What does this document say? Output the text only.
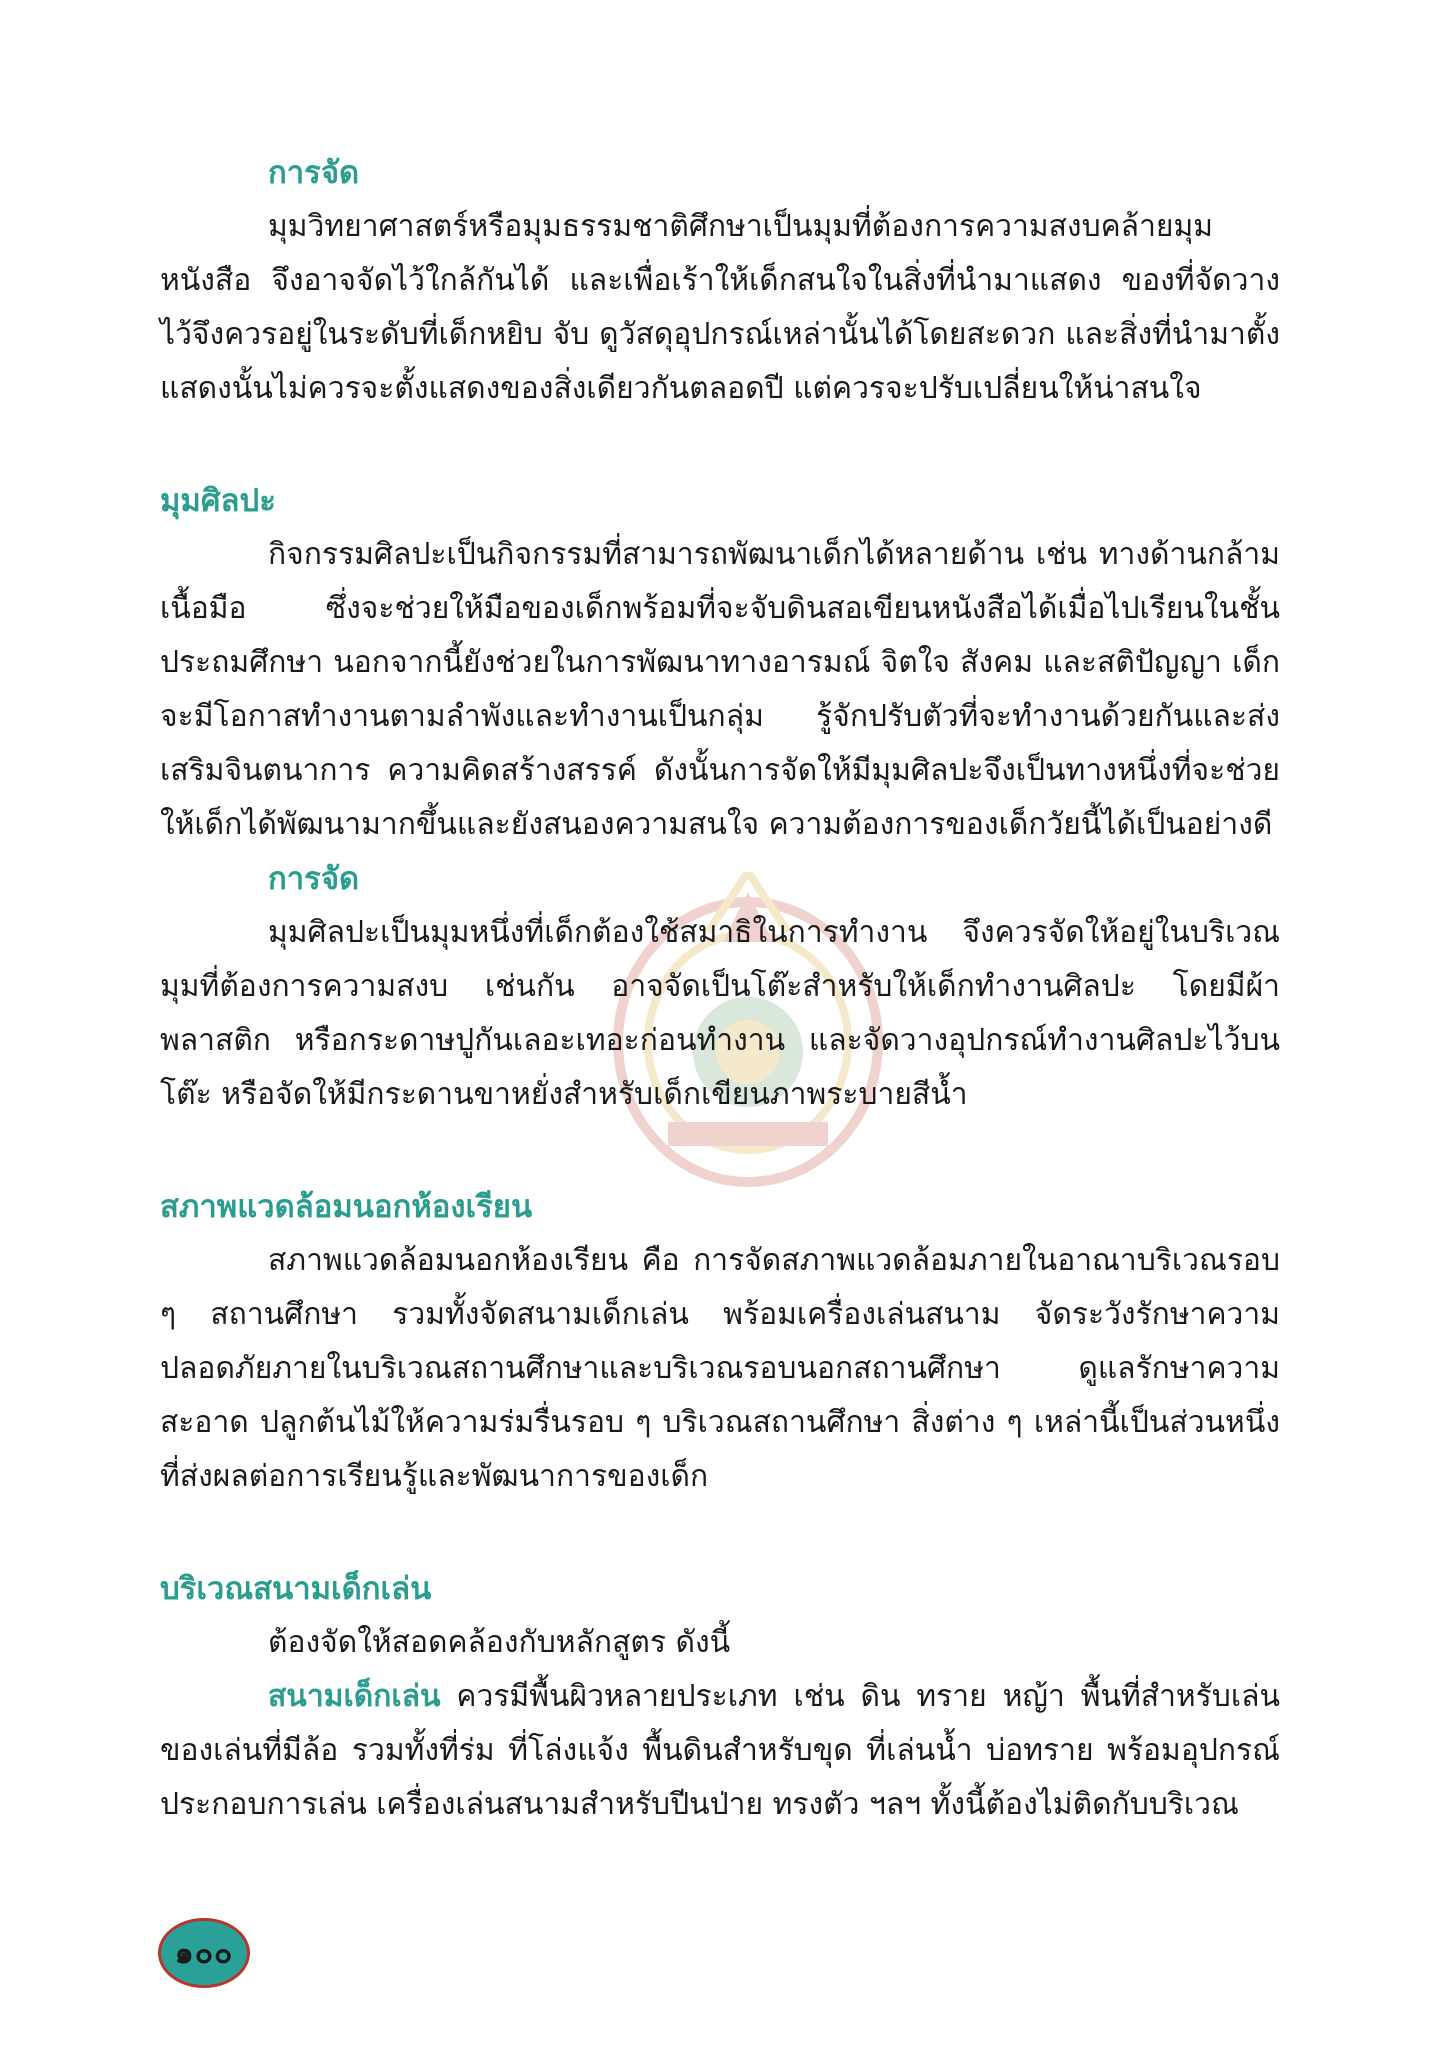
การจัด

มุมวิทยาศาสตร์หรือมุมธรรมชาติศึกษาเป็นมุมที่ต้องการความสงบคล้ายมุมหนังสือ จึงอาจจัดไว้ใกล้กันได้ และเพื่อเร้าให้เด็กสนใจในสิ่งที่นำมาแสดง ของที่จัดวางไว้จึงควรอยู่ในระดับที่เด็กหยิบ จับ ดูวัสดุอุปกรณ์เหล่านั้นได้โดยสะดวก และสิ่งที่นำมาตั้งแสดงนั้นไม่ควรจะตั้งแสดงของสิ่งเดียวกันตลอดปี แต่ควรจะปรับเปลี่ยนให้น่าสนใจ

มุมศิลปะ

กิจกรรมศิลปะเป็นกิจกรรมที่สามารถพัฒนาเด็กได้หลายด้าน เช่น ทางด้านกล้ามเนื้อมือ ซึ่งจะช่วยให้มือของเด็กพร้อมที่จะจับดินสอเขียนหนังสือได้เมื่อไปเรียนในชั้นประถมศึกษา นอกจากนี้ยังช่วยในการพัฒนาทางอารมณ์ จิตใจ สังคม และสติปัญญา เด็กจะมีโอกาสทำงานตามลำพังและทำงานเป็นกลุ่ม รู้จักปรับตัวที่จะทำงานด้วยกันและส่งเสริมจินตนาการ ความคิดสร้างสรรค์ ดังนั้นการจัดให้มีมุมศิลปะจึงเป็นทางหนึ่งที่จะช่วยให้เด็กได้พัฒนามากขึ้นและยังสนองความสนใจ ความต้องการของเด็กวัยนี้ได้เป็นอย่างดี

การจัด

มุมศิลปะเป็นมุมหนึ่งที่เด็กต้องใช้สมาธิในการทำงาน จึงควรจัดให้อยู่ในบริเวณมุมที่ต้องการความสงบ เช่นกัน อาจจัดเป็นโต๊ะสำหรับให้เด็กทำงานศิลปะ โดยมีผ้าพลาสติก หรือกระดาษปูกันเลอะเทอะก่อนทำงาน และจัดวางอุปกรณ์ทำงานศิลปะไว้บนโต๊ะ หรือจัดให้มีกระดานขาหยั่งสำหรับเด็กเขียนภาพระบายสีน้ำ

สภาพแวดล้อมนอกห้องเรียน

สภาพแวดล้อมนอกห้องเรียน คือ การจัดสภาพแวดล้อมภายในอาณาบริเวณรอบ ๆ สถานศึกษา รวมทั้งจัดสนามเด็กเล่น พร้อมเครื่องเล่นสนาม จัดระวังรักษาความปลอดภัยภายในบริเวณสถานศึกษาและบริเวณรอบนอกสถานศึกษา ดูแลรักษาความสะอาด ปลูกต้นไม้ให้ความร่มรื่นรอบ ๆ บริเวณสถานศึกษา สิ่งต่าง ๆ เหล่านี้เป็นส่วนหนึ่งที่ส่งผลต่อการเรียนรู้และพัฒนาการของเด็ก

บริเวณสนามเด็กเล่น

ต้องจัดให้สอดคล้องกับหลักสูตร ดังนี้

สนามเด็กเล่น ควรมีพื้นผิวหลายประเภท เช่น ดิน ทราย หญ้า พื้นที่สำหรับเล่นของเล่นที่มีล้อ รวมทั้งที่ร่ม ที่โล่งแจ้ง พื้นดินสำหรับขุด ที่เล่นน้ำ บ่อทราย พร้อมอุปกรณ์ประกอบการเล่น เครื่องเล่นสนามสำหรับปีนป่าย ทรงตัว ฯลฯ ทั้งนี้ต้องไม่ติดกับบริเวณ

๑๐๐
